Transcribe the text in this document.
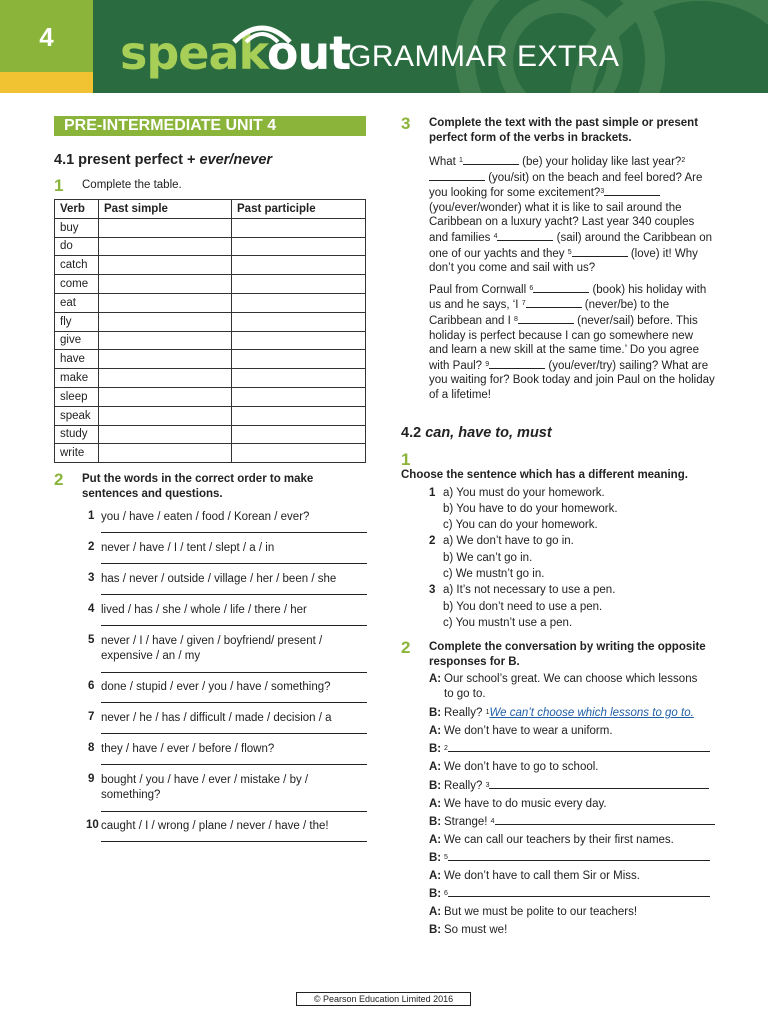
4	speakout
GRAMMAR EXTRA
PRE-INTERMEDIATE UNIT 4
4.1 present perfect + ever/never
1 Complete the table.
Verb	Past simple	Past participle
buy		
do		
catch		
come		
eat		
fly		
give		
have		
make		
sleep		
speak		
study		
write		
2 Put the words in the correct order to make sentences and questions.
1 you / have / eaten / food / Korean / ever?
2 never / have / I / tent / slept / a / in
3 has / never / outside / village / her / been / she
4 lived / has / she / whole / life / there / her
5 never / I / have / given / boyfriend/ present / expensive / an / my
6 done / stupid / ever / you / have / something?
7 never / he / has / difficult / made / decision / a
8 they / have / ever / before / flown?
9 bought / you / have / ever / mistake / by / something?
10 caught / I / wrong / plane / never / have / the!
3 Complete the text with the past simple or present perfect form of the verbs in brackets.
What $^1$	(be) your holiday like last year?$^2$ (you/sit) on the beach and feel bored? Are you looking for some excitement?$^3$ (you/ever/wonder) what it is like to sail around the Caribbean on a luxury yacht? Last year 340 couples and families $^4$	(sail) around the Caribbean on one of our yachts and they $^5$	(love) it! Why don’t you come and sail with us?
Paul from Cornwall $^6$	(book) his holiday with us and he says, ‘I $^7$	(never/be) to the Caribbean and I $^8$	(never/sail) before. This holiday is perfect because I can go somewhere new and learn a new skill at the same time.’ Do you agree with Paul? $^9$	(you/ever/try) sailing? What are you waiting for? Book today and join Paul on the holiday of a lifetime!
4.2 can, have to, must
1Choose the sentence which has a different meaning.
1 a) You must do your homework.
b) You have to do your homework.
c) You can do your homework.
2 a) We don’t have to go in.
b) We can’t go in.
c) We mustn’t go in.
3 a) It’s not necessary to use a pen.
b) You don’t need to use a pen.
c) You mustn’t use a pen.
2 Complete the conversation by writing the opposite responses for B.
A: Our school’s great. We can choose which lessons to go to.
B: Really? $^1$We can’t choose which lessons to go to.
A: We don’t have to wear a uniform.
B: $^2$
A: We don’t have to go to school.
B: Really? $^3$
A: We have to do music every day.
B: Strange! $^4$
A: We can call our teachers by their first names.
B: $^5$
A: We don’t have to call them Sir or Miss.
B: $^6$
A: But we must be polite to our teachers!
B: So must we!
© Pearson Education Limited 2016
